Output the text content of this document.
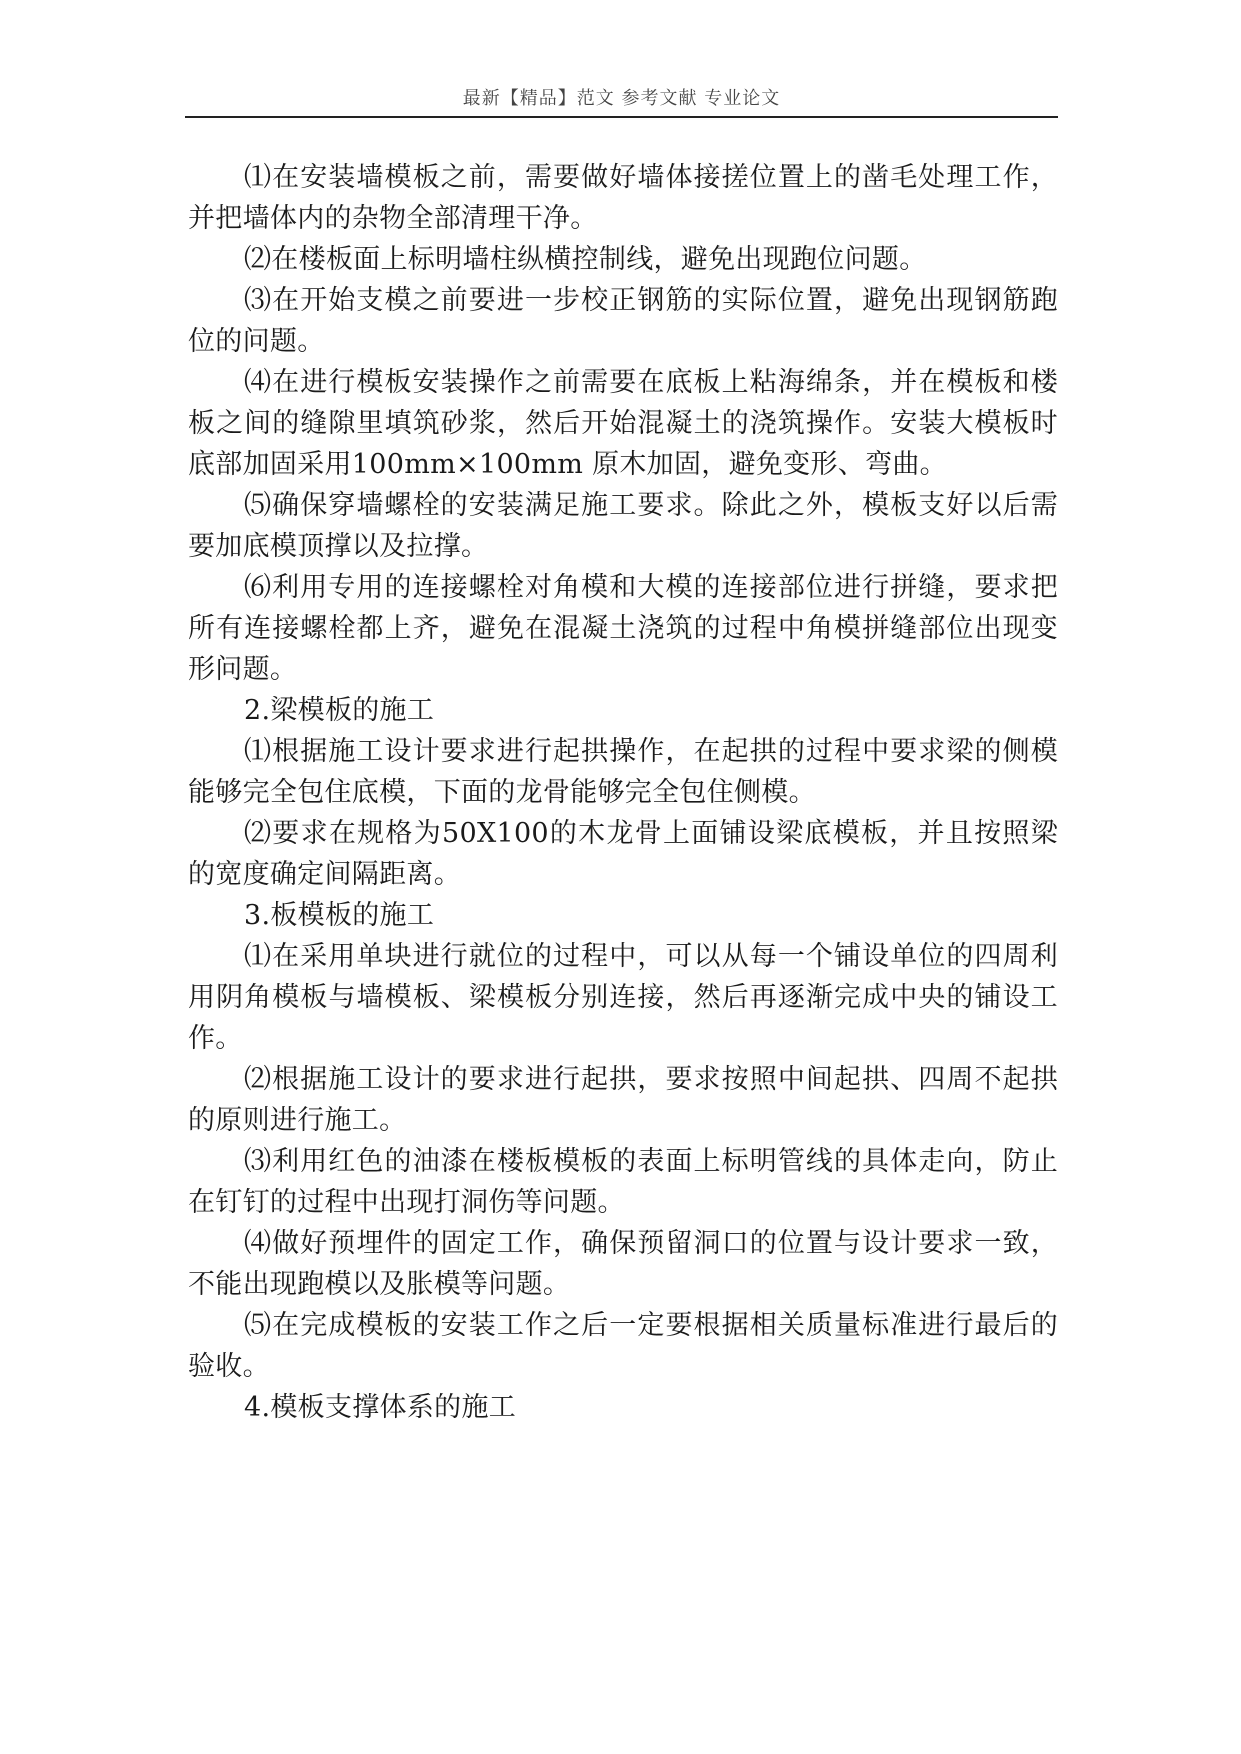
最新【精品】范文 参考文献 专业论文

⑴在安装墙模板之前，需要做好墙体接搓位置上的凿毛处理工作，并把墙体内的杂物全部清理干净。

⑵在楼板面上标明墙柱纵横控制线，避免出现跑位问题。

⑶在开始支模之前要进一步校正钢筋的实际位置，避免出现钢筋跑位的问题。

⑷在进行模板安装操作之前需要在底板上粘海绵条，并在模板和楼板之间的缝隙里填筑砂浆，然后开始混凝土的浇筑操作。安装大模板时底部加固采用100mm×100mm 原木加固，避免变形、弯曲。

⑸确保穿墙螺栓的安装满足施工要求。除此之外，模板支好以后需要加底模顶撑以及拉撑。

⑹利用专用的连接螺栓对角模和大模的连接部位进行拼缝，要求把所有连接螺栓都上齐，避免在混凝土浇筑的过程中角模拼缝部位出现变形问题。

2.梁模板的施工

⑴根据施工设计要求进行起拱操作，在起拱的过程中要求梁的侧模能够完全包住底模，下面的龙骨能够完全包住侧模。

⑵要求在规格为50X100的木龙骨上面铺设梁底模板，并且按照梁的宽度确定间隔距离。

3.板模板的施工

⑴在采用单块进行就位的过程中，可以从每一个铺设单位的四周利用阴角模板与墙模板、梁模板分别连接，然后再逐渐完成中央的铺设工作。

⑵根据施工设计的要求进行起拱，要求按照中间起拱、四周不起拱的原则进行施工。

⑶利用红色的油漆在楼板模板的表面上标明管线的具体走向，防止在钉钉的过程中出现打洞伤等问题。

⑷做好预埋件的固定工作，确保预留洞口的位置与设计要求一致，不能出现跑模以及胀模等问题。

⑸在完成模板的安装工作之后一定要根据相关质量标准进行最后的验收。

4.模板支撑体系的施工
